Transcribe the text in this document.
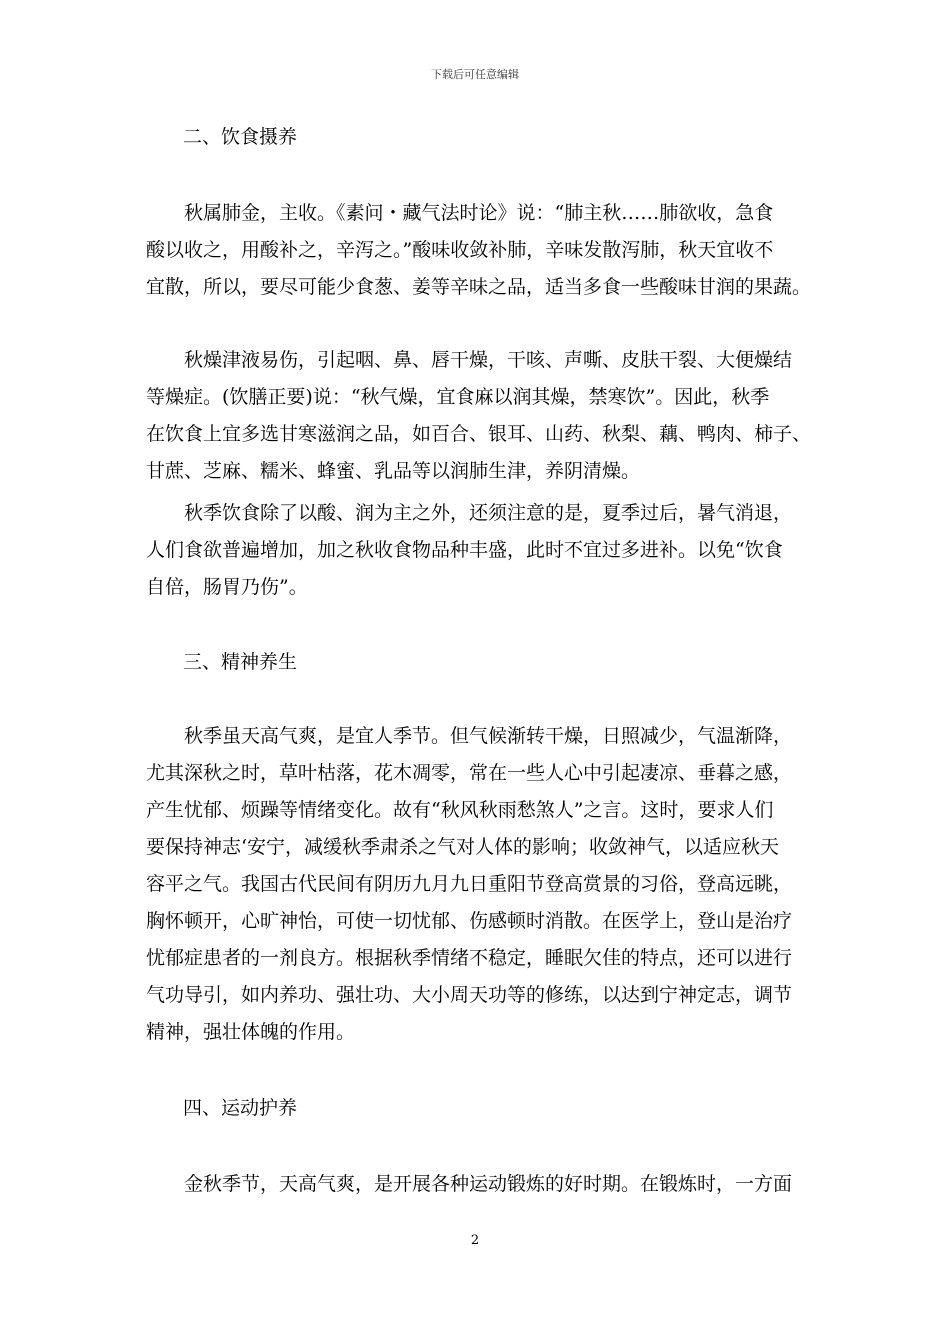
下载后可任意编辑
二、饮食摄养
秋属肺金，主收。《素问・藏气法时论》说：“肺主秋……肺欲收，急食
酸以收之，用酸补之，辛泻之。”酸味收敛补肺，辛味发散泻肺，秋天宜收不
宜散，所以，要尽可能少食葱、姜等辛味之品，适当多食一些酸味甘润的果蔬。
秋燥津液易伤，引起咽、鼻、唇干燥，干咳、声嘶、皮肤干裂、大便燥结
等燥症。(饮膳正要)说：“秋气燥，宜食麻以润其燥，禁寒饮”。因此，秋季
在饮食上宜多选甘寒滋润之品，如百合、银耳、山药、秋梨、藕、鸭肉、柿子、
甘蔗、芝麻、糯米、蜂蜜、乳品等以润肺生津，养阴清燥。
秋季饮食除了以酸、润为主之外，还须注意的是，夏季过后，暑气消退，
人们食欲普遍增加，加之秋收食物品种丰盛，此时不宜过多进补。以免“饮食
自倍，肠胃乃伤”。
三、精神养生
秋季虽天高气爽，是宜人季节。但气候渐转干燥，日照减少，气温渐降，
尤其深秋之时，草叶枯落，花木凋零，常在一些人心中引起凄凉、垂暮之感，
产生忧郁、烦躁等情绪变化。故有“秋风秋雨愁煞人”之言。这时，要求人们
要保持神志‘安宁，减缓秋季肃杀之气对人体的影响；收敛神气，以适应秋天
容平之气。我国古代民间有阴历九月九日重阳节登高赏景的习俗，登高远眺，
胸怀顿开，心旷神怡，可使一切忧郁、伤感顿时消散。在医学上，登山是治疗
忧郁症患者的一剂良方。根据秋季情绪不稳定，睡眠欠佳的特点，还可以进行
气功导引，如内养功、强壮功、大小周天功等的修练，以达到宁神定志，调节
精神，强壮体魄的作用。
四、运动护养
金秋季节，天高气爽，是开展各种运动锻炼的好时期。在锻炼时，一方面
2
